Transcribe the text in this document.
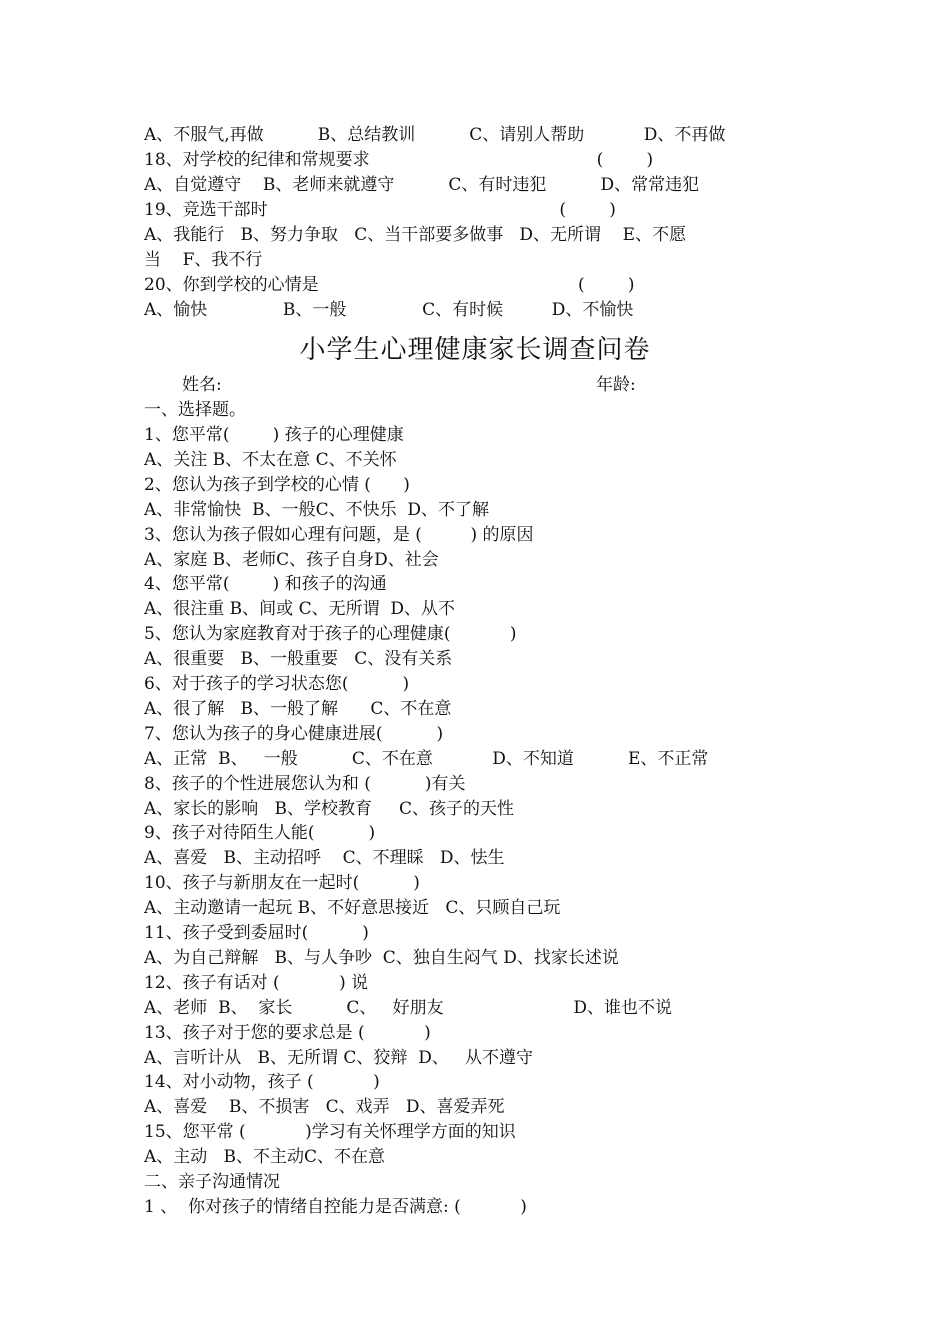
A、不服气,再做          B、总结教训          C、请别人帮助           D、不再做

18、对学校的纪律和常规要求                                          (        )

A、自觉遵守    B、老师来就遵守          C、有时违犯          D、常常违犯

19、竞选干部时                                                      (        )

A、我能行   B、努力争取   C、当干部要多做事   D、无所谓    E、不愿

当    F、我不行

20、你到学校的心情是                                                (        )

A、愉快              B、一般              C、有时候         D、不愉快

小学生心理健康家长调查问卷

姓名:	年龄:

一、选择题。

1、您平常(        ) 孩子的心理健康

A、关注 B、不太在意 C、不关怀

2、您认为孩子到学校的心情 (      )

A、非常愉快  B、一般C、不快乐  D、不了解

3、您认为孩子假如心理有问题，是 (         ) 的原因

A、家庭 B、老师C、孩子自身D、社会

4、您平常(        ) 和孩子的沟通

A、很注重 B、间或 C、无所谓  D、从不

5、您认为家庭教育对于孩子的心理健康(           )

A、很重要   B、一般重要   C、没有关系

6、对于孩子的学习状态您(          )

A、很了解   B、一般了解      C、不在意

7、您认为孩子的身心健康进展(          )

A、正常  B、   一般          C、不在意           D、不知道          E、不正常

8、孩子的个性进展您认为和 (          )有关

A、家长的影响   B、学校教育     C、孩子的天性

9、孩子对待陌生人能(          )

A、喜爱   B、主动招呼    C、不理睬   D、怯生

10、孩子与新朋友在一起时(          )

A、主动邀请一起玩 B、不好意思接近   C、只顾自己玩

11、孩子受到委屈时(          )

A、为自己辩解   B、与人争吵  C、独自生闷气 D、找家长述说

12、孩子有话对 (           ) 说

A、老师  B、  家长          C、   好朋友                        D、谁也不说

13、孩子对于您的要求总是 (           )

A、言听计从   B、无所谓 C、狡辩  D、   从不遵守

14、对小动物，孩子 (           )

A、喜爱    B、不损害   C、戏弄   D、喜爱弄死

15、您平常 (           )学习有关怀理学方面的知识

A、主动   B、不主动C、不在意

二、亲子沟通情况

1 、  你对孩子的情绪自控能力是否满意: (           )
